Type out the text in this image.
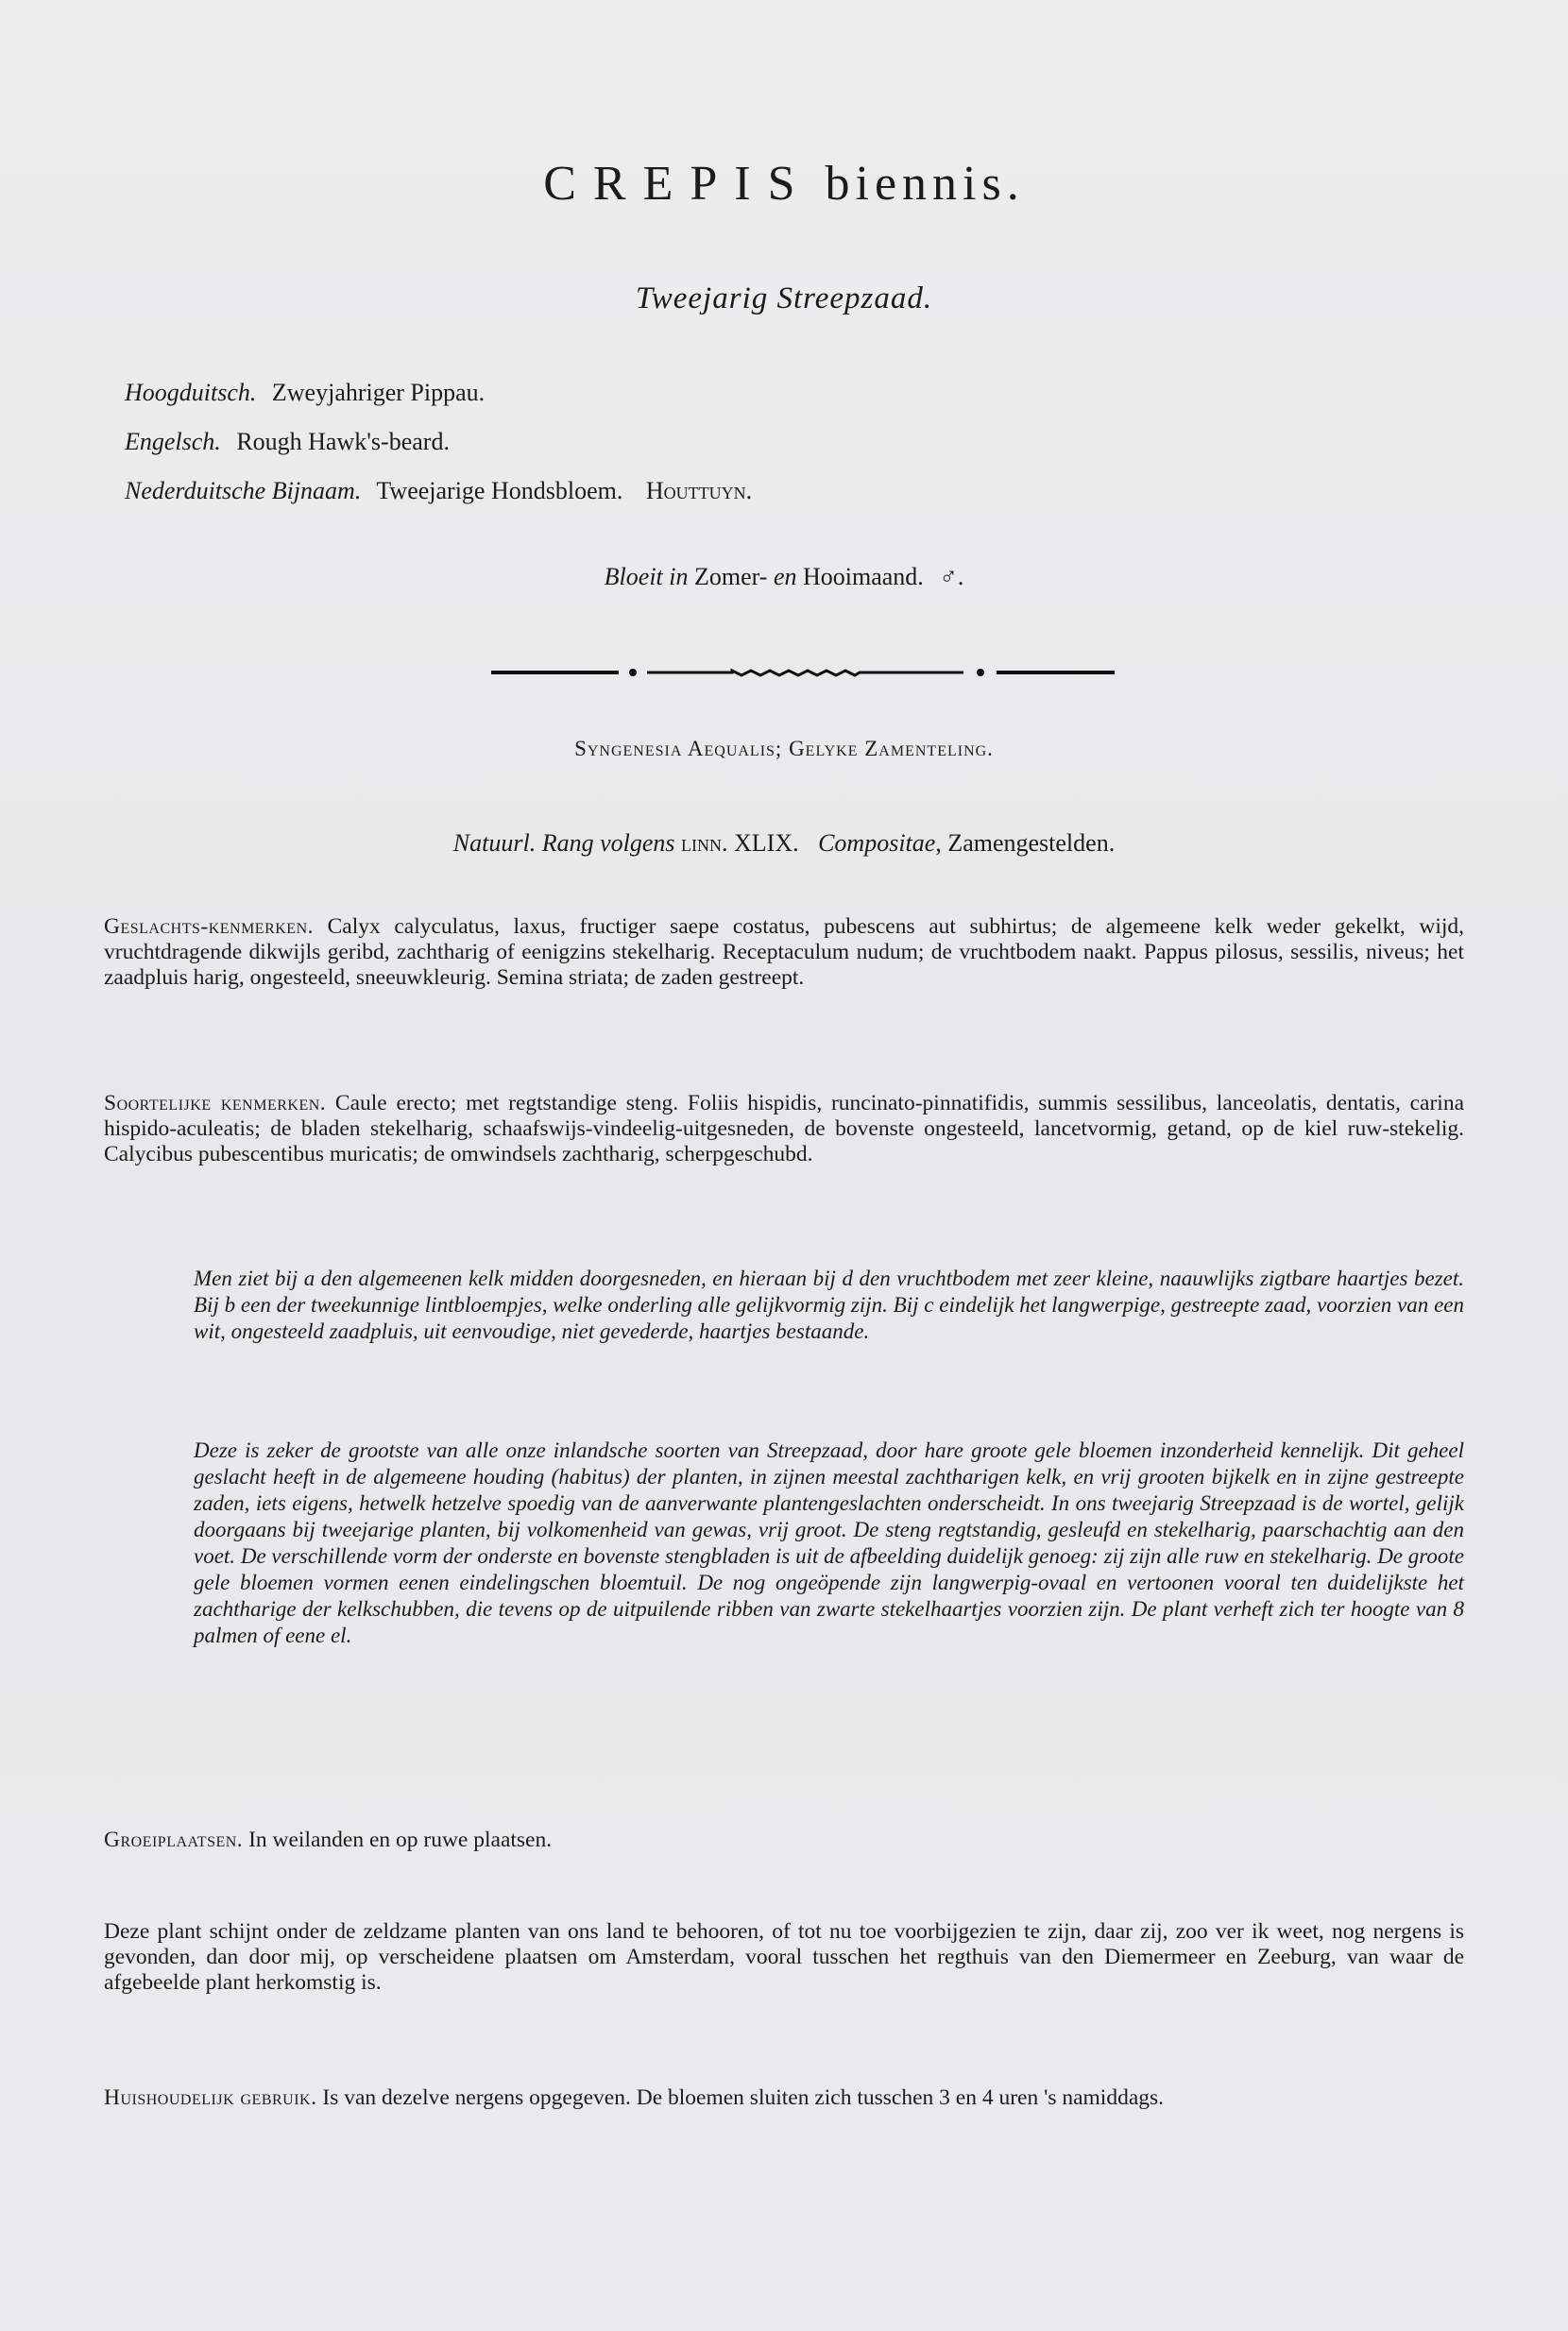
CREPIS biennis.
Tweejarig Streepzaad.
Hoogduitsch. Zweyjahriger Pippau.
Engelsch. Rough Hawk's-beard.
Nederduitsche Bijnaam. Tweejarige Hondsbloem. Houttuyn.
Bloeit in Zomer- en Hooimaand. ♂.
Syngenesia Aequalis; Gelyke Zamenteling.
Natuurl. Rang volgens linn. XLIX. Compositae, Zamengestelden.
Geslachts-kenmerken. Calyx calyculatus, laxus, fructiger saepe costatus, pubescens aut subhirtus; de algemeene kelk weder gekelkt, wijd, vruchtdragende dikwijls geribd, zachtharig of eenigzins stekelharig. Receptaculum nudum; de vruchtbodem naakt. Pappus pilosus, sessilis, niveus; het zaadpluis harig, ongesteeld, sneeuwkleurig. Semina striata; de zaden gestreept.
Soortelijke kenmerken. Caule erecto; met regtstandige steng. Foliis hispidis, runcinato-pinnatifidis, summis sessilibus, lanceolatis, dentatis, carina hispido-aculeatis; de bladen stekelharig, schaafswijs-vindeelig-uitgesneden, de bovenste ongesteeld, lancetvormig, getand, op de kiel ruw-stekelig. Calycibus pubescentibus muricatis; de omwindsels zachtharig, scherpgeschubd.
Men ziet bij a den algemeenen kelk midden doorgesneden, en hieraan bij d den vruchtbodem met zeer kleine, naauwlijks zigtbare haartjes bezet. Bij b een der tweekunnige lintbloempjes, welke onderling alle gelijkvormig zijn. Bij c eindelijk het langwerpige, gestreepte zaad, voorzien van een wit, ongesteeld zaadpluis, uit eenvoudige, niet gevederde, haartjes bestaande.
Deze is zeker de grootste van alle onze inlandsche soorten van Streepzaad, door hare groote gele bloemen inzonderheid kennelijk. Dit geheel geslacht heeft in de algemeene houding (habitus) der planten, in zijnen meestal zachtharigen kelk, en vrij grooten bijkelk en in zijne gestreepte zaden, iets eigens, hetwelk hetzelve spoedig van de aanverwante plantengeslachten onderscheidt. In ons tweejarig Streepzaad is de wortel, gelijk doorgaans bij tweejarige planten, bij volkomenheid van gewas, vrij groot. De steng regtstandig, gesleufd en stekelharig, paarschachtig aan den voet. De verschillende vorm der onderste en bovenste stengbladen is uit de afbeelding duidelijk genoeg: zij zijn alle ruw en stekelharig. De groote gele bloemen vormen eenen eindelingschen bloemtuil. De nog ongeöpende zijn langwerpig-ovaal en vertoonen vooral ten duidelijkste het zachtharige der kelkschubben, die tevens op de uitpuilende ribben van zwarte stekelhaartjes voorzien zijn. De plant verheft zich ter hoogte van 8 palmen of eene el.
Groeiplaatsen. In weilanden en op ruwe plaatsen.
Deze plant schijnt onder de zeldzame planten van ons land te behooren, of tot nu toe voorbijgezien te zijn, daar zij, zoo ver ik weet, nog nergens is gevonden, dan door mij, op verscheidene plaatsen om Amsterdam, vooral tusschen het regthuis van den Diemermeer en Zeeburg, van waar de afgebeelde plant herkomstig is.
Huishoudelijk gebruik. Is van dezelve nergens opgegeven. De bloemen sluiten zich tusschen 3 en 4 uren 's namiddags.
